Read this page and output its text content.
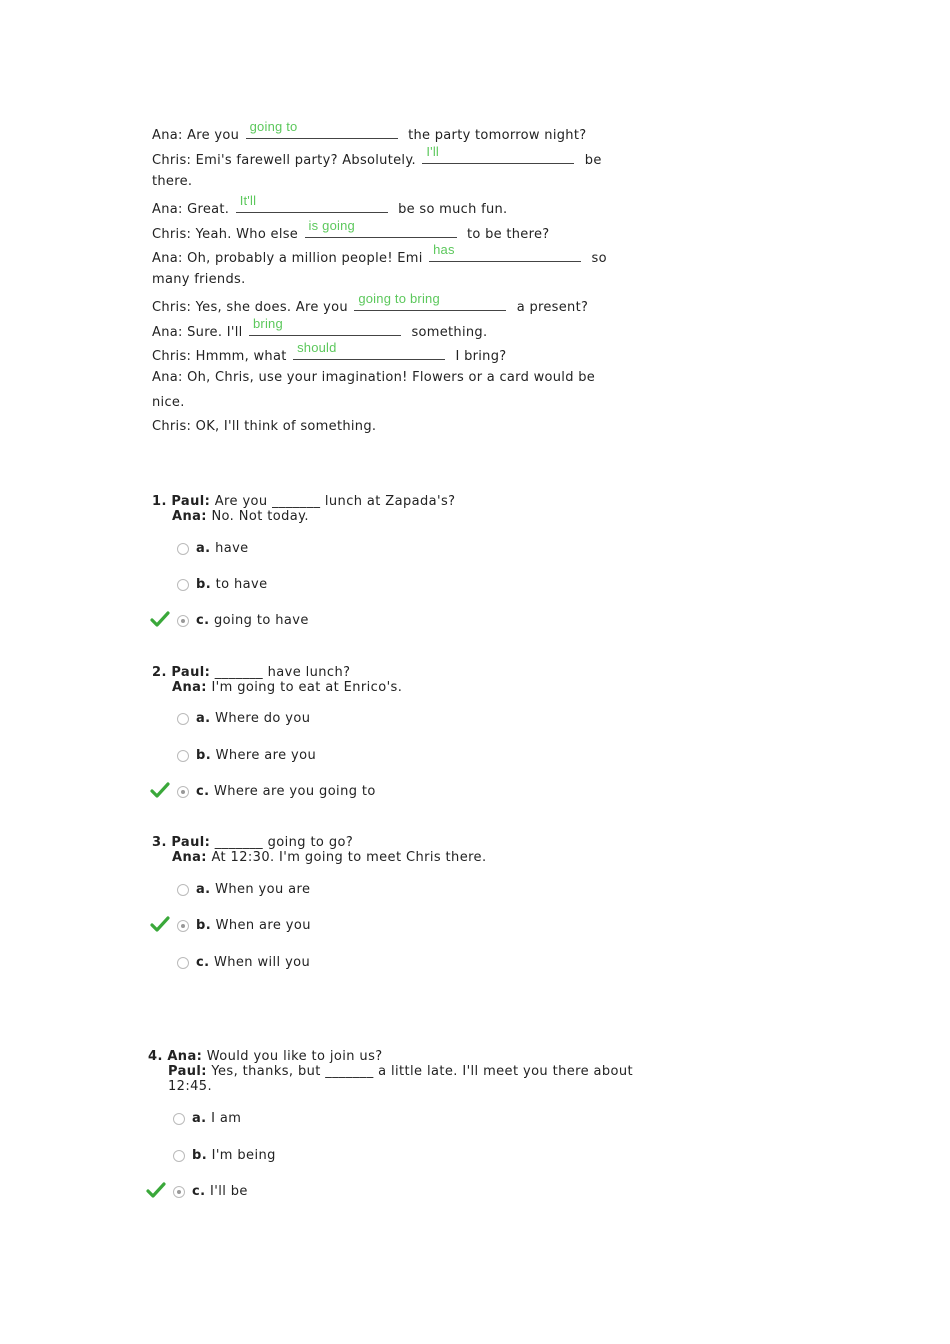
Ana: Are you
going to
the party tomorrow night?
Chris: Emi's farewell party? Absolutely.
I'll
be
there.
Ana: Great.
It'll
be so much fun.
Chris: Yeah. Who else
is going
to be there?
Ana: Oh, probably a million people! Emi
has
so
many friends.
Chris: Yes, she does. Are you
going to bring
a present?
Ana: Sure. I'll
bring
something.
Chris: Hmmm, what
should
I bring?
Ana: Oh, Chris, use your imagination! Flowers or a card would be
nice.
Chris: OK, I'll think of something.
1. Paul: Are you _______ lunch at Zapada's?
Ana: No. Not today.
a. have
b. to have
c. going to have
2. Paul: _______ have lunch?
Ana: I'm going to eat at Enrico's.
a. Where do you
b. Where are you
c. Where are you going to
3. Paul: _______ going to go?
Ana: At 12:30. I'm going to meet Chris there.
a. When you are
b. When are you
c. When will you
4. Ana: Would you like to join us?
Paul: Yes, thanks, but _______ a little late. I'll meet you there about
12:45.
a. I am
b. I'm being
c. I'll be
